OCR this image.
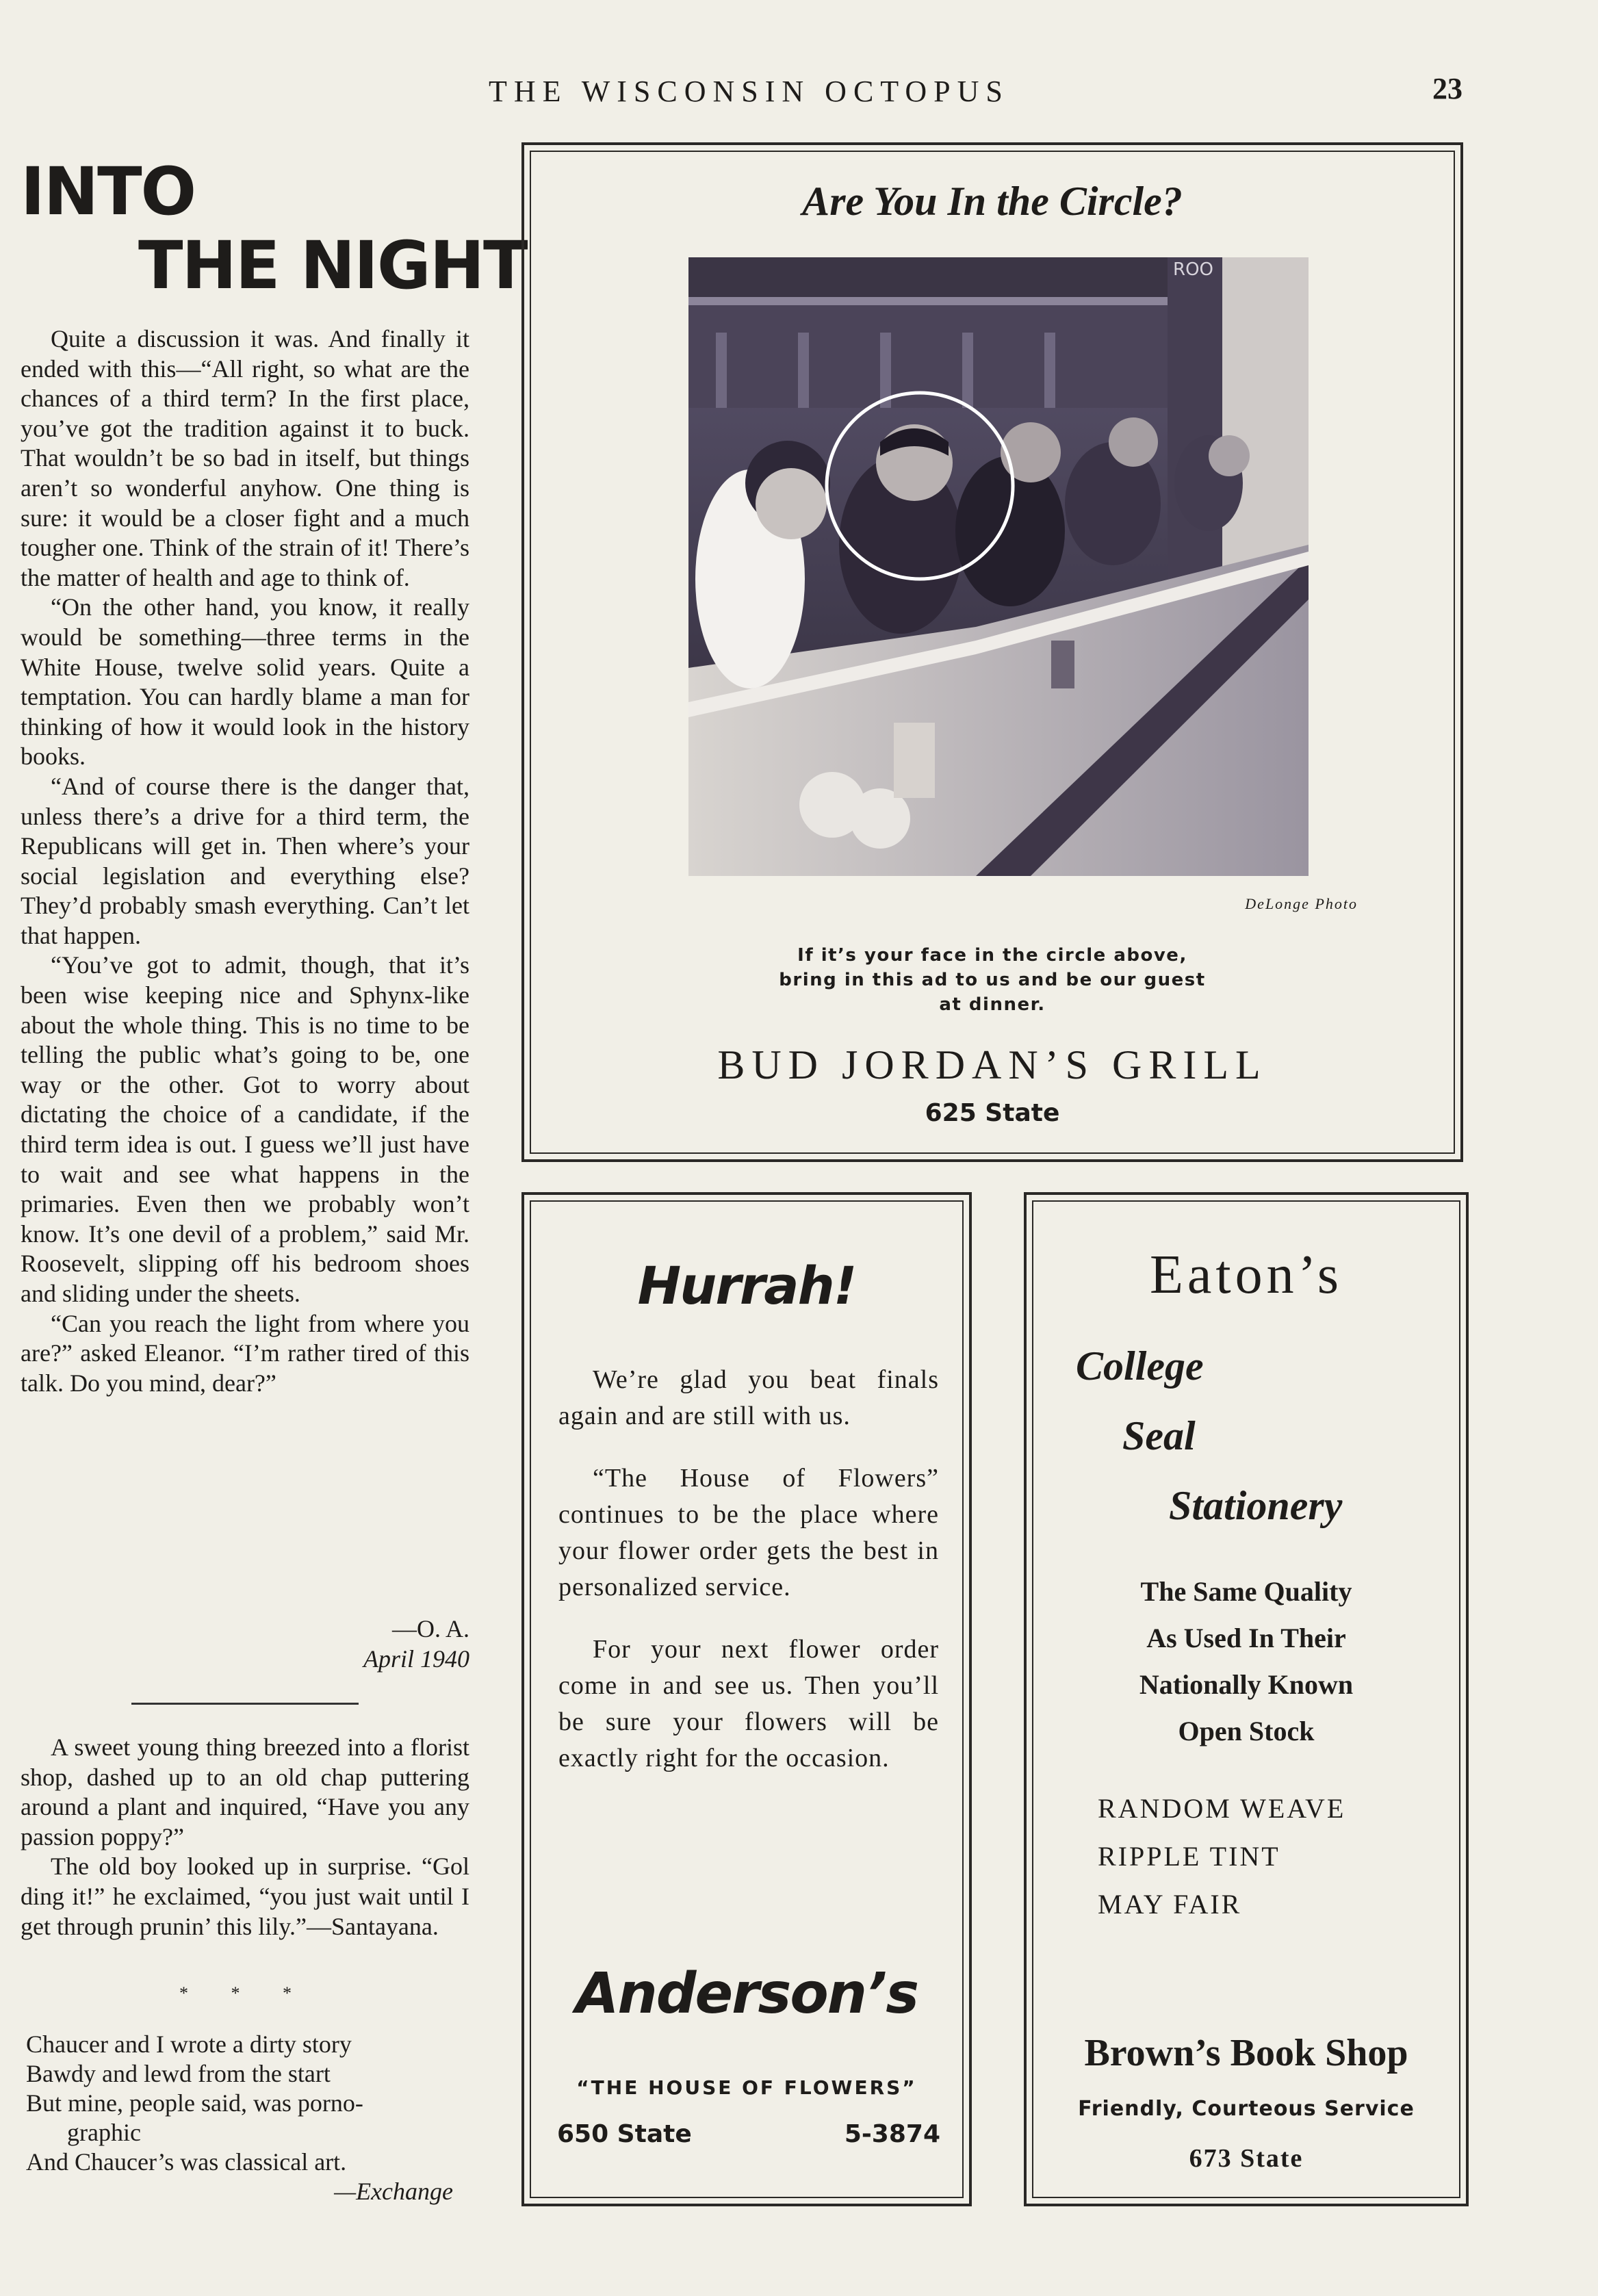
THE WISCONSIN OCTOPUS	23
INTO
THE NIGHT

Quite a discussion it was. And finally it ended with this—“All right, so what are the chances of a third term? In the first place, you’ve got the tradition against it to buck. That wouldn’t be so bad in itself, but things aren’t so wonderful anyhow. One thing is sure: it would be a closer fight and a much tougher one. Think of the strain of it! There’s the matter of health and age to think of.

“On the other hand, you know, it really would be something—three terms in the White House, twelve solid years. Quite a temptation. You can hardly blame a man for thinking of how it would look in the history books.

“And of course there is the danger that, unless there’s a drive for a third term, the Republicans will get in. Then where’s your social legislation and everything else? They’d probably smash everything. Can’t let that happen.

“You’ve got to admit, though, that it’s been wise keeping nice and Sphynx-like about the whole thing. This is no time to be telling the public what’s going to be, one way or the other. Got to worry about dictating the choice of a candidate, if the third term idea is out. I guess we’ll just have to wait and see what happens in the primaries. Even then we probably won’t know. It’s one devil of a problem,” said Mr. Roosevelt, slipping off his bedroom shoes and sliding under the sheets.

“Can you reach the light from where you are?” asked Eleanor. “I’m rather tired of this talk. Do you mind, dear?”

—O. A.
April 1940

A sweet young thing breezed into a florist shop, dashed up to an old chap puttering around a plant and inquired, “Have you any passion poppy?”

The old boy looked up in surprise. “Gol ding it!” he exclaimed, “you just wait until I get through prunin’ this lily.”—Santayana.

* * *
Chaucer and I wrote a dirty story
Bawdy and lewd from the start
But mine, people said, was porno-
graphic
And Chaucer’s was classical art.
—Exchange
Are You In the Circle?
ROO
DeLonge Photo
If it’s your face in the circle above,
bring in this ad to us and be our guest
at dinner.
BUD JORDAN’S GRILL
625 State
Hurrah!

We’re glad you beat finals again and are still with us.

“The House of Flowers” continues to be the place where your flower order gets the best in personalized service.

For your next flower order come in and see us. Then you’ll be sure your flowers will be exactly right for the occasion.

Anderson’s
“THE HOUSE OF FLOWERS”
650 State	5-3874
Eaton’s
College
Seal
Stationery
The Same Quality
As Used In Their
Nationally Known
Open Stock
RANDOM WEAVE
RIPPLE TINT
MAY FAIR
Brown’s Book Shop
Friendly, Courteous Service
673 State
